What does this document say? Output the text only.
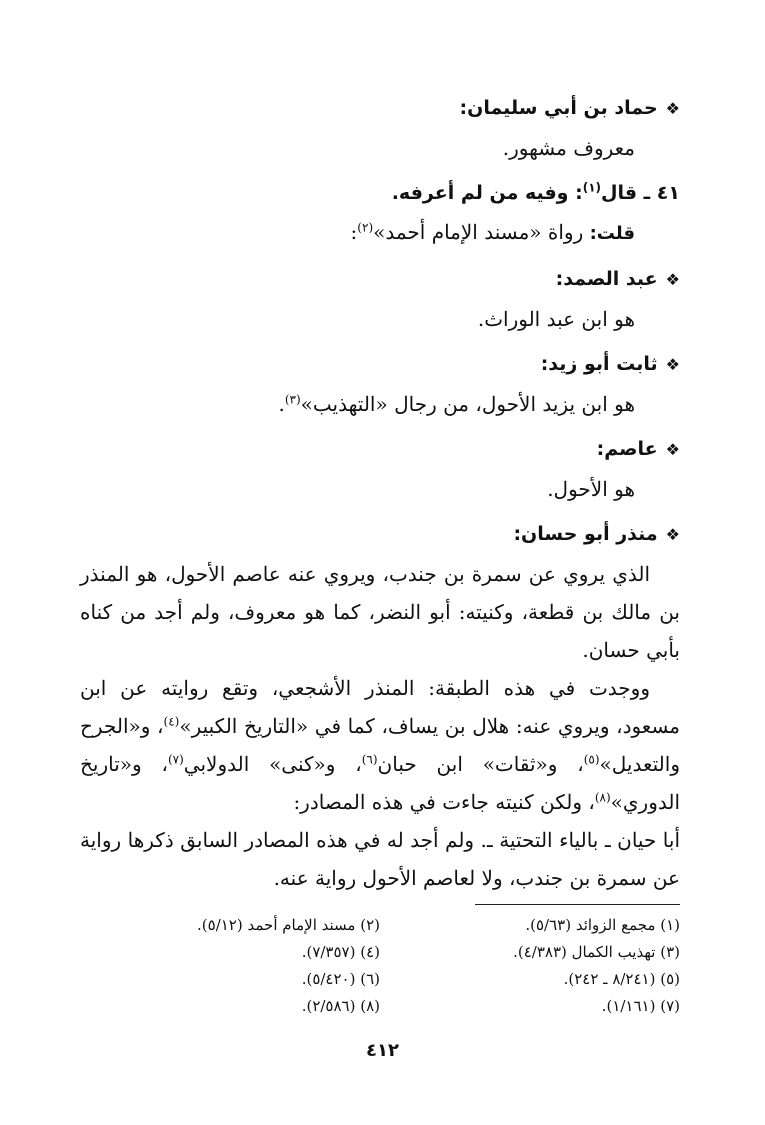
❖حماد بن أبي سليمان:
معروف مشهور.
٤١ ـ قال$^{(١)}$: وفيه من لم أعرفه.
قلت: رواة «مسند الإمام أحمد»$^{(٢)}$:
❖عبد الصمد:
هو ابن عبد الوراث.
❖ثابت أبو زيد:
هو ابن يزيد الأحول، من رجال «التهذيب»$^{(٣)}$.
❖عاصم:
هو الأحول.
❖منذر أبو حسان:
الذي يروي عن سمرة بن جندب، ويروي عنه عاصم الأحول، هو المنذر بن مالك بن قطعة، وكنيته: أبو النضر، كما هو معروف، ولم أجد من كناه بأبي حسان.
ووجدت في هذه الطبقة: المنذر الأشجعي، وتقع روايته عن ابن مسعود، ويروي عنه: هلال بن يساف، كما في «التاريخ الكبير»$^{(٤)}$، و«الجرح والتعديل»$^{(٥)}$، و«ثقات» ابن حبان$^{(٦)}$، و«كنى» الدولابي$^{(٧)}$، و«تاريخ الدوري»$^{(٨)}$، ولكن كنيته جاءت في هذه المصادر:
أبا حيان ـ بالياء التحتية ـ. ولم أجد له في هذه المصادر السابق ذكرها رواية عن سمرة بن جندب، ولا لعاصم الأحول رواية عنه.
(١) مجمع الزوائد (٥/٦٣).
(٢) مسند الإمام أحمد (٥/١٢).
(٣) تهذيب الكمال (٤/٣٨٣).
(٤) (٧/٣٥٧).
(٥) (٨/٢٤١ ـ ٢٤٢).
(٦) (٥/٤٢٠).
(٧) (١/١٦١).
(٨) (٢/٥٨٦).
٤١٢
